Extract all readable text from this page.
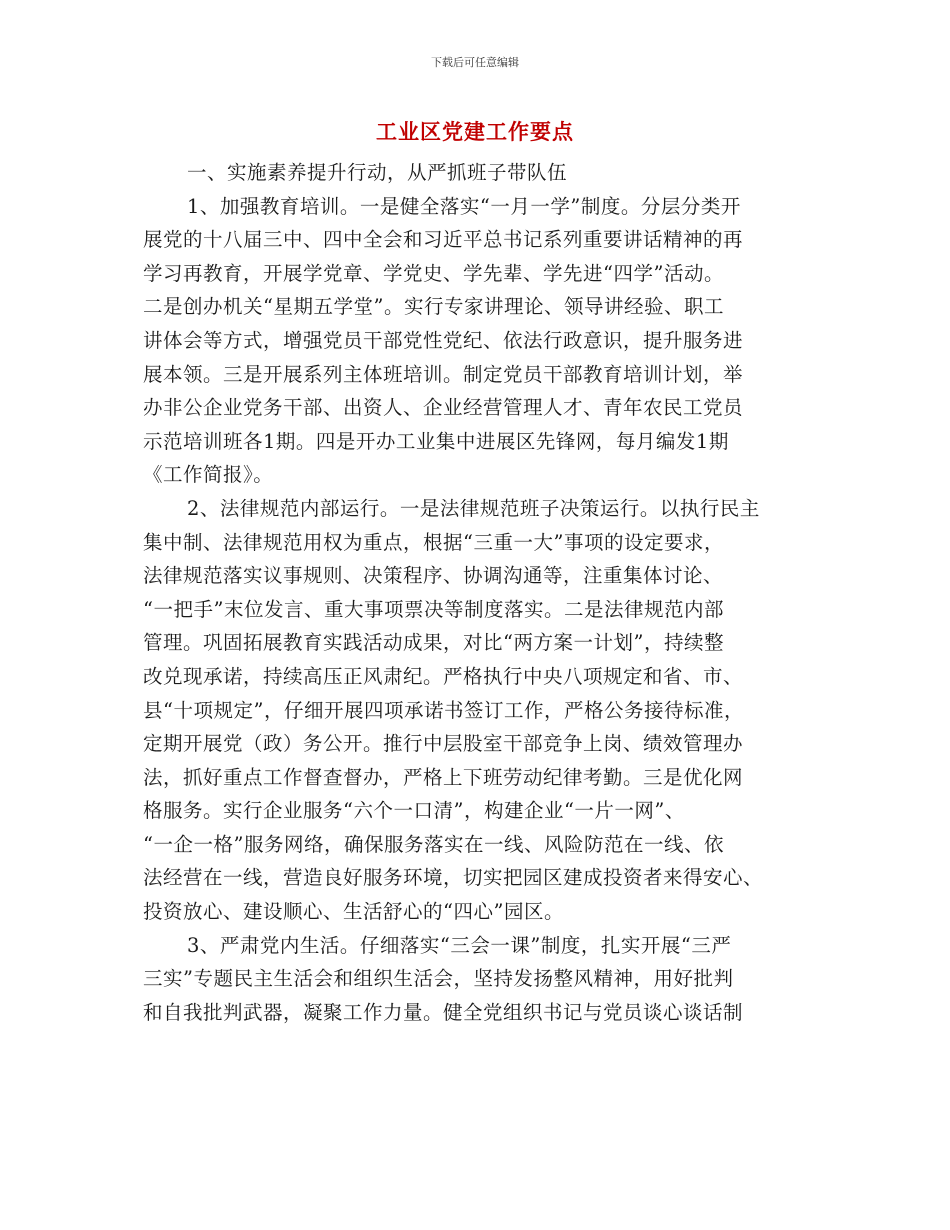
下载后可任意编辑
工业区党建工作要点
一、实施素养提升行动，从严抓班子带队伍
1、加强教育培训。一是健全落实“一月一学”制度。分层分类开
展党的十八届三中、四中全会和习近平总书记系列重要讲话精神的再
学习再教育，开展学党章、学党史、学先辈、学先进“四学”活动。
二是创办机关“星期五学堂”。实行专家讲理论、领导讲经验、职工
讲体会等方式，增强党员干部党性党纪、依法行政意识，提升服务进
展本领。三是开展系列主体班培训。制定党员干部教育培训计划，举
办非公企业党务干部、出资人、企业经营管理人才、青年农民工党员
示范培训班各1期。四是开办工业集中进展区先锋网，每月编发1期
《工作简报》。
2、法律规范内部运行。一是法律规范班子决策运行。以执行民主
集中制、法律规范用权为重点，根据“三重一大”事项的设定要求，
法律规范落实议事规则、决策程序、协调沟通等，注重集体讨论、
“一把手”末位发言、重大事项票决等制度落实。二是法律规范内部
管理。巩固拓展教育实践活动成果，对比“两方案一计划”，持续整
改兑现承诺，持续高压正风肃纪。严格执行中央八项规定和省、市、
县“十项规定”，仔细开展四项承诺书签订工作，严格公务接待标准，
定期开展党（政）务公开。推行中层股室干部竞争上岗、绩效管理办
法，抓好重点工作督查督办，严格上下班劳动纪律考勤。三是优化网
格服务。实行企业服务“六个一口清”，构建企业“一片一网”、
“一企一格”服务网络，确保服务落实在一线、风险防范在一线、依
法经营在一线，营造良好服务环境，切实把园区建成投资者来得安心、
投资放心、建设顺心、生活舒心的“四心”园区。
3、严肃党内生活。仔细落实“三会一课”制度，扎实开展“三严
三实”专题民主生活会和组织生活会，坚持发扬整风精神，用好批判
和自我批判武器，凝聚工作力量。健全党组织书记与党员谈心谈话制
